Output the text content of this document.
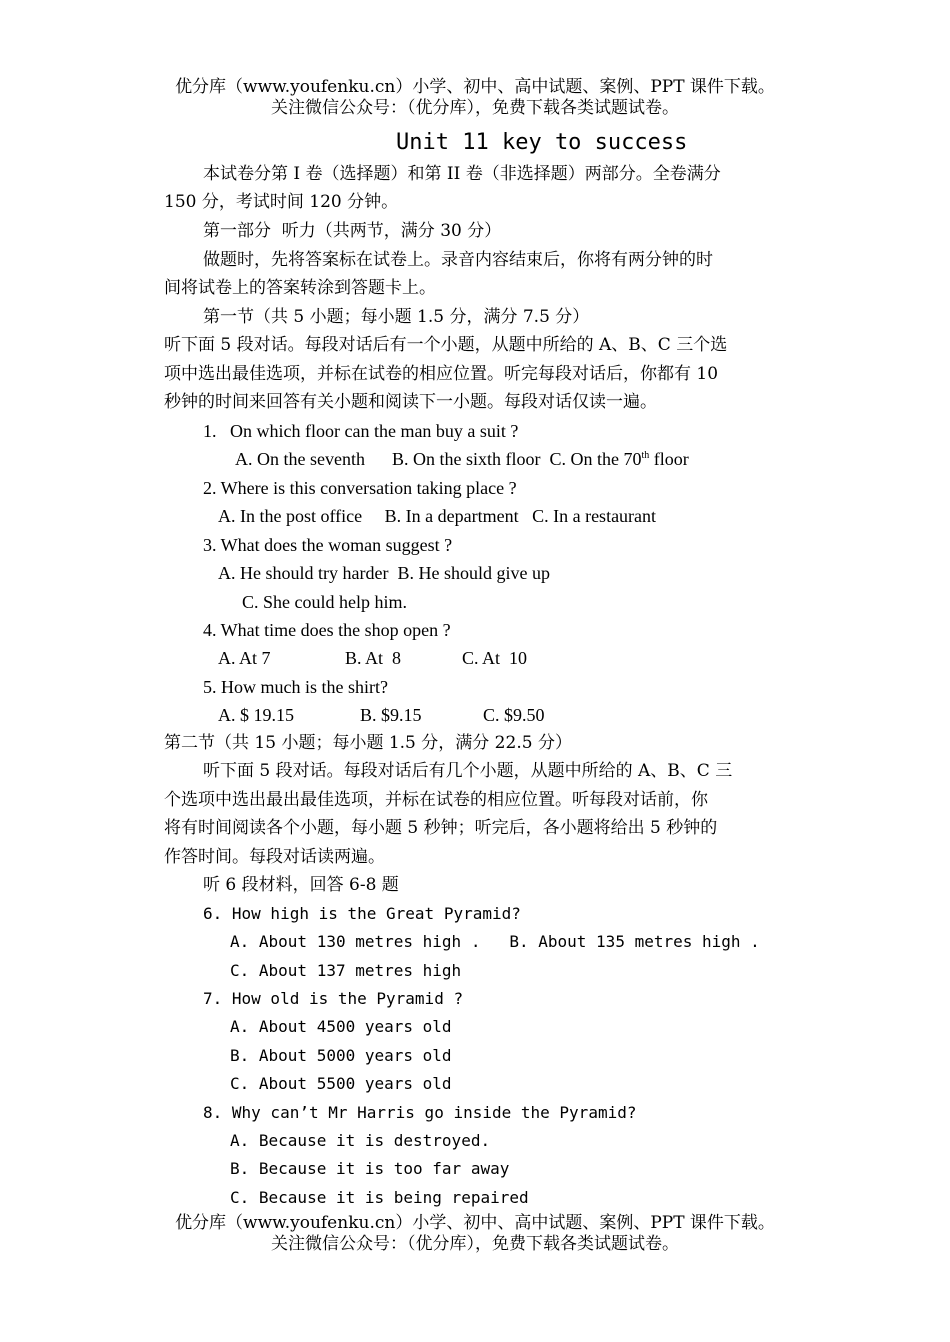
优分库（www.youfenku.cn）小学、初中、高中试题、案例、PPT 课件下载。
关注微信公众号：（优分库），免费下载各类试题试卷。
Unit 11 key to success
本试卷分第 I 卷（选择题）和第 II 卷（非选择题）两部分。全卷满分
150 分，考试时间 120 分钟。
第一部分  听力（共两节，满分 30 分）
做题时，先将答案标在试卷上。录音内容结束后，你将有两分钟的时
间将试卷上的答案转涂到答题卡上。
第一节（共 5 小题；每小题 1.5 分，满分 7.5 分）
听下面 5 段对话。每段对话后有一个小题，从题中所给的 A、B、C 三个选
项中选出最佳选项，并标在试卷的相应位置。听完每段对话后，你都有 10
秒钟的时间来回答有关小题和阅读下一小题。每段对话仅读一遍。
1.   On which floor can the man buy a suit ?
A. On the seventh      B. On the sixth floor  C. On the 70th floor
2. Where is this conversation taking place ?
A. In the post office     B. In a department   C. In a restaurant
3. What does the woman suggest ?
A. He should try harder  B. He should give up
C. She could help him.
4. What time does the shop open ?
A. At 7	B. At  8	C. At  10
5. How much is the shirt?
A. $ 19.15	B. $9.15	C. $9.50
第二节（共 15 小题；每小题 1.5 分，满分 22.5 分）
听下面 5 段对话。每段对话后有几个小题，从题中所给的 A、B、C 三
个选项中选出最出最佳选项，并标在试卷的相应位置。听每段对话前，你
将有时间阅读各个小题，每小题 5 秒钟；听完后，各小题将给出 5 秒钟的
作答时间。每段对话读两遍。
听 6 段材料，回答 6-8 题
6. How high is the Great Pyramid?
A. About 130 metres high .   B. About 135 metres high .
C. About 137 metres high
7. How old is the Pyramid ?
A. About 4500 years old
B. About 5000 years old
C. About 5500 years old
8. Why can’t Mr Harris go inside the Pyramid?
A. Because it is destroyed.
B. Because it is too far away
C. Because it is being repaired
优分库（www.youfenku.cn）小学、初中、高中试题、案例、PPT 课件下载。
关注微信公众号：（优分库），免费下载各类试题试卷。
